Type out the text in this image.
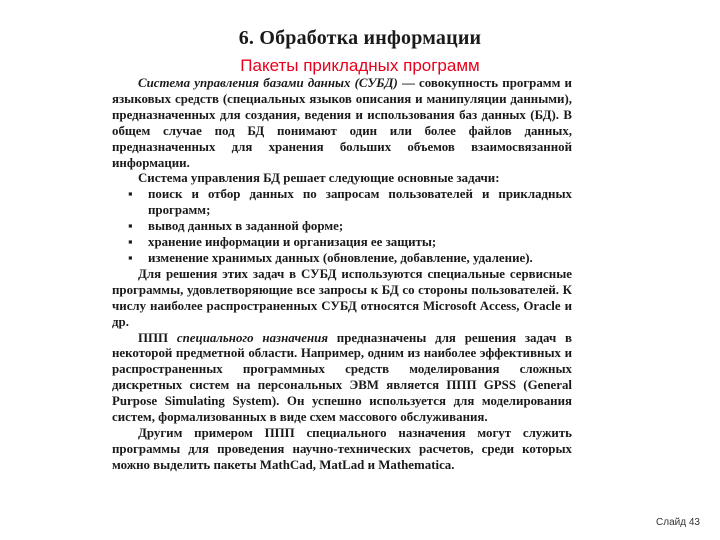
6. Обработка информации
Пакеты прикладных программ

Система управления базами данных (СУБД) — совокупность программ и языковых средств (специальных языков описания и манипуляции данными), предназначенных для создания, ведения и использования баз данных (БД). В общем случае под БД понимают один или более файлов данных, предназначенных для хранения больших объемов взаимосвязанной информации.

Система управления БД решает следующие основные задачи:

▪ поиск и отбор данных по запросам пользователей и прикладных программ;
▪ вывод данных в заданной форме;
▪ хранение информации и организация ее защиты;
▪ изменение хранимых данных (обновление, добавление, удаление).

Для решения этих задач в СУБД используются специальные сервисные программы, удовлетворяющие все запросы к БД со стороны пользователей. К числу наиболее распространенных СУБД относятся Microsoft Access, Oracle и др.

ППП специального назначения предназначены для решения задач в некоторой предметной области. Например, одним из наиболее эффективных и распространенных программных средств моделирования сложных дискретных систем на персональных ЭВМ является ППП GPSS (General Purpose Simulating System). Он успешно используется для моделирования систем, формализованных в виде схем массового обслуживания.

Другим примером ППП специального назначения могут служить программы для проведения научно-технических расчетов, среди которых можно выделить пакеты MathCad, MatLad и Mathematica.

Слайд 43
